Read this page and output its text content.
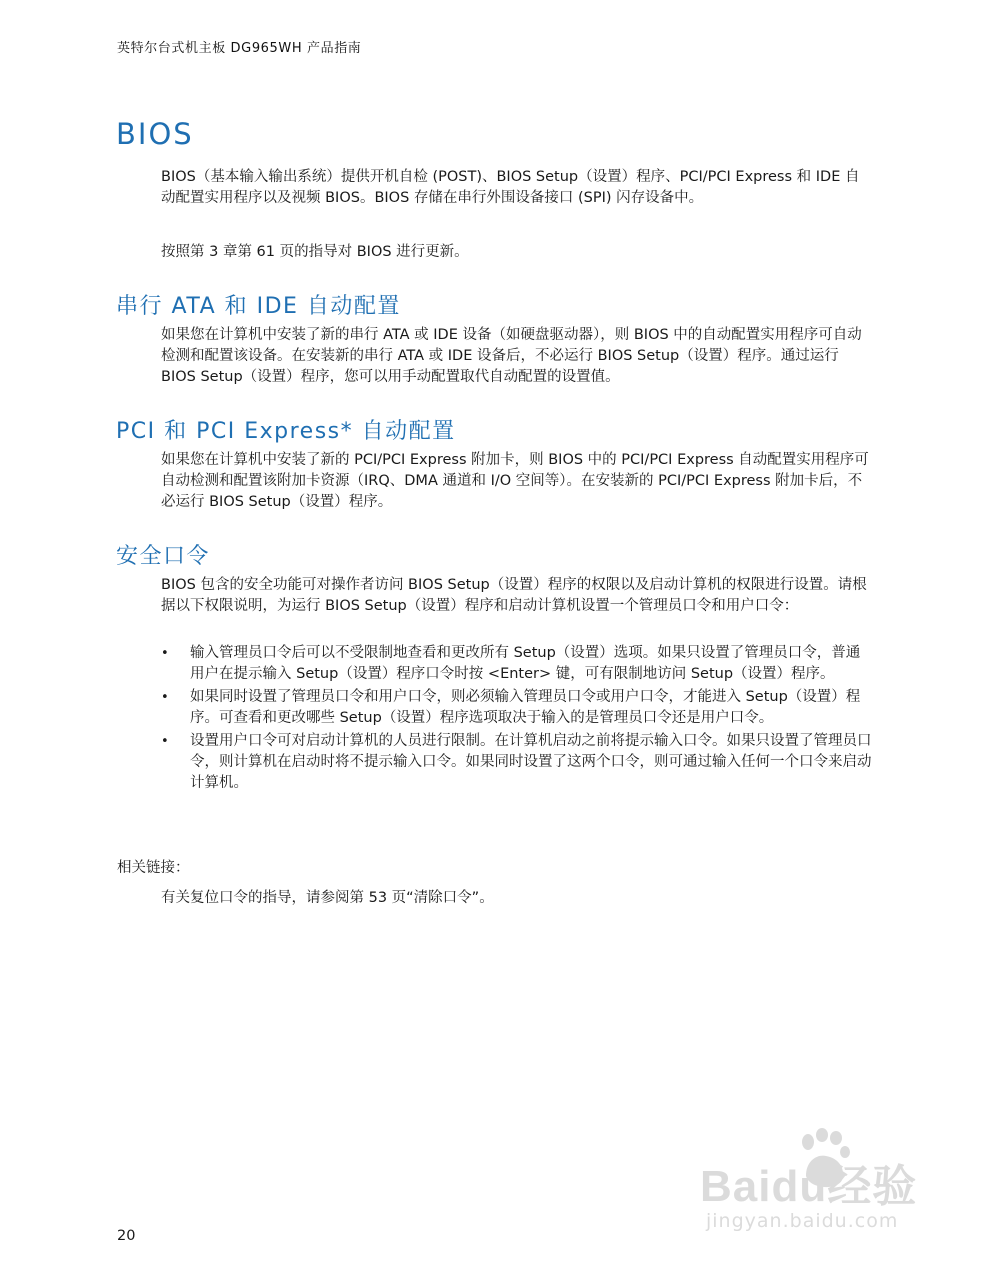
英特尔台式机主板 DG965WH 产品指南
BIOS

BIOS（基本输入输出系统）提供开机自检 (POST)、BIOS Setup（设置）程序、PCI/PCI Express 和 IDE 自动配置实用程序以及视频 BIOS。BIOS 存储在串行外围设备接口 (SPI) 闪存设备中。

按照第 3 章第 61 页的指导对 BIOS 进行更新。

串行 ATA 和 IDE 自动配置

如果您在计算机中安装了新的串行 ATA 或 IDE 设备（如硬盘驱动器），则 BIOS 中的自动配置实用程序可自动检测和配置该设备。在安装新的串行 ATA 或 IDE 设备后，不必运行 BIOS Setup（设置）程序。通过运行 BIOS Setup（设置）程序，您可以用手动配置取代自动配置的设置值。

PCI 和 PCI Express* 自动配置

如果您在计算机中安装了新的 PCI/PCI Express 附加卡，则 BIOS 中的 PCI/PCI Express 自动配置实用程序可自动检测和配置该附加卡资源（IRQ、DMA 通道和 I/O 空间等）。在安装新的 PCI/PCI Express 附加卡后，不必运行 BIOS Setup（设置）程序。

安全口令

BIOS 包含的安全功能可对操作者访问 BIOS Setup（设置）程序的权限以及启动计算机的权限进行设置。请根据以下权限说明，为运行 BIOS Setup（设置）程序和启动计算机设置一个管理员口令和用户口令：

• 输入管理员口令后可以不受限制地查看和更改所有 Setup（设置）选项。如果只设置了管理员口令，普通用户在提示输入 Setup（设置）程序口令时按 <Enter> 键，可有限制地访问 Setup（设置）程序。
• 如果同时设置了管理员口令和用户口令，则必须输入管理员口令或用户口令，才能进入 Setup（设置）程序。可查看和更改哪些 Setup（设置）程序选项取决于输入的是管理员口令还是用户口令。
• 设置用户口令可对启动计算机的人员进行限制。在计算机启动之前将提示输入口令。如果只设置了管理员口令，则计算机在启动时将不提示输入口令。如果同时设置了这两个口令，则可通过输入任何一个口令来启动计算机。
相关链接：

有关复位口令的指导，请参阅第 53 页“清除口令”。

20
Baidu经验
jingyan.baidu.com
